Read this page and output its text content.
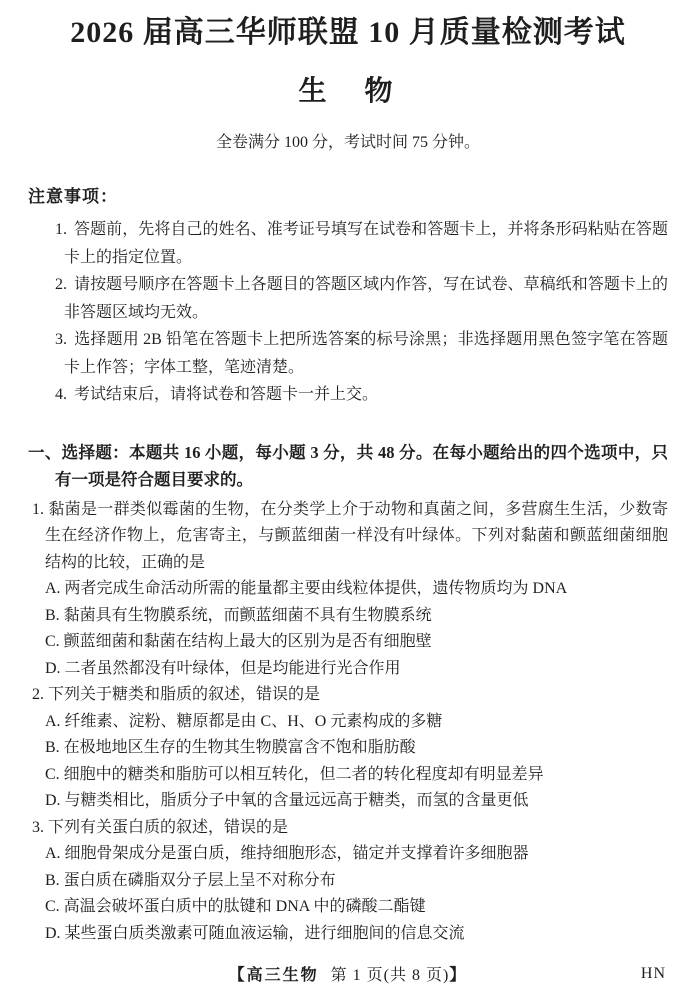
2026 届高三华师联盟 10 月质量检测考试
生　物

全卷满分 100 分，考试时间 75 分钟。

注意事项：
1. 答题前，先将自己的姓名、准考证号填写在试卷和答题卡上，并将条形码粘贴在答题卡上的指定位置。
2. 请按题号顺序在答题卡上各题目的答题区域内作答，写在试卷、草稿纸和答题卡上的非答题区域均无效。
3. 选择题用 2B 铅笔在答题卡上把所选答案的标号涂黑；非选择题用黑色签字笔在答题卡上作答；字体工整，笔迹清楚。
4. 考试结束后，请将试卷和答题卡一并上交。

一、选择题：本题共 16 小题，每小题 3 分，共 48 分。在每小题给出的四个选项中，只有一项是符合题目要求的。

1. 黏菌是一群类似霉菌的生物，在分类学上介于动物和真菌之间，多营腐生生活，少数寄生在经济作物上，危害寄主，与颤蓝细菌一样没有叶绿体。下列对黏菌和颤蓝细菌细胞结构的比较，正确的是

A. 两者完成生命活动所需的能量都主要由线粒体提供，遗传物质均为 DNA

B. 黏菌具有生物膜系统，而颤蓝细菌不具有生物膜系统

C. 颤蓝细菌和黏菌在结构上最大的区别为是否有细胞壁

D. 二者虽然都没有叶绿体，但是均能进行光合作用

2. 下列关于糖类和脂质的叙述，错误的是

A. 纤维素、淀粉、糖原都是由 C、H、O 元素构成的多糖

B. 在极地地区生存的生物其生物膜富含不饱和脂肪酸

C. 细胞中的糖类和脂肪可以相互转化，但二者的转化程度却有明显差异

D. 与糖类相比，脂质分子中氧的含量远远高于糖类，而氢的含量更低

3. 下列有关蛋白质的叙述，错误的是

A. 细胞骨架成分是蛋白质，维持细胞形态，锚定并支撑着许多细胞器

B. 蛋白质在磷脂双分子层上呈不对称分布

C. 高温会破坏蛋白质中的肽键和 DNA 中的磷酸二酯键

D. 某些蛋白质类激素可随血液运输，进行细胞间的信息交流

【高三生物 第 1 页(共 8 页)】	HN
